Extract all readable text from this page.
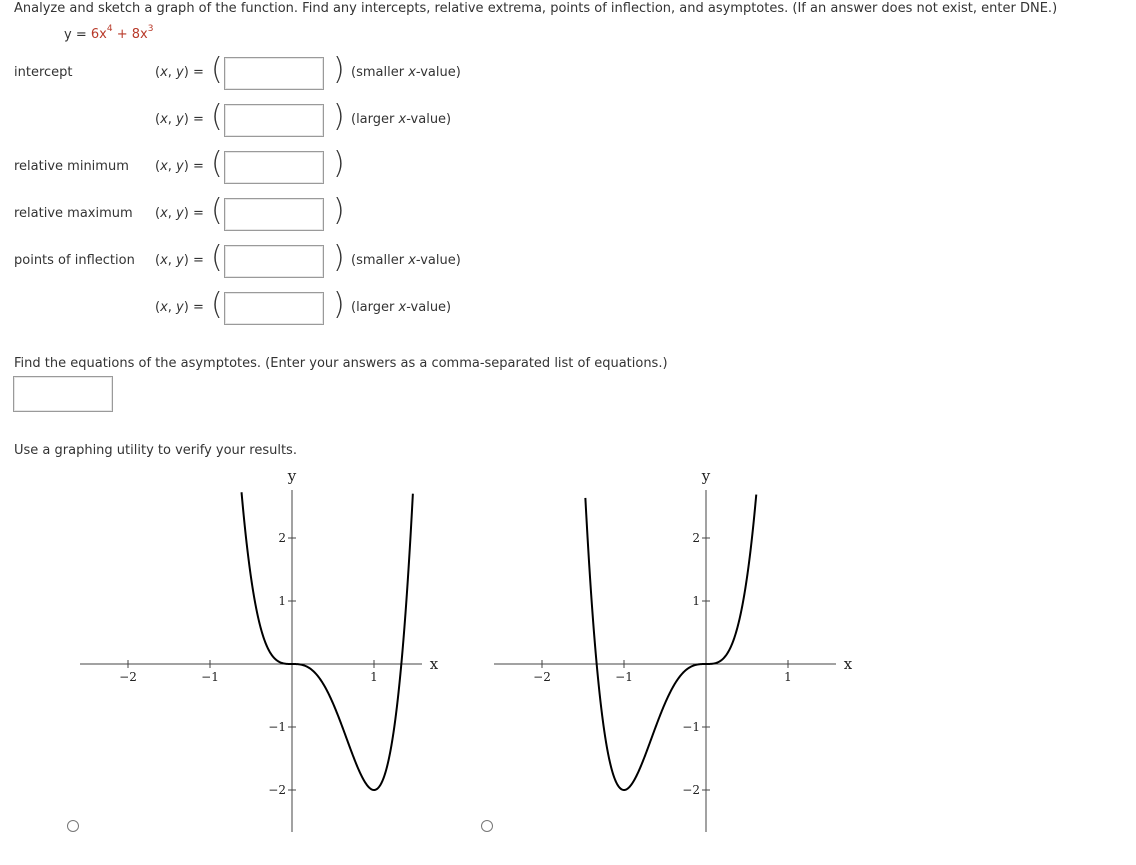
Analyze and sketch a graph of the function. Find any intercepts, relative extrema, points of inflection, and asymptotes. (If an answer does not exist, enter DNE.)
$y = 6x^4 + 8x^3$
intercept	(x, y) = (	) (smaller x-value)
(x, y) = (	) (larger x-value)
relative minimum (x, y) = (	)
relative maximum (x, y) = (	)
points of inflection (x, y) = (	) (smaller x-value)
(x, y) = (	) (larger x-value)
Find the equations of the asymptotes. (Enter your answers as a comma-separated list of equations.)
Use a graphing utility to verify your results.
−2	−1	1
−2
−1
1
2
x
y
−2	−1	1
−2
−1
1
2
x
y
